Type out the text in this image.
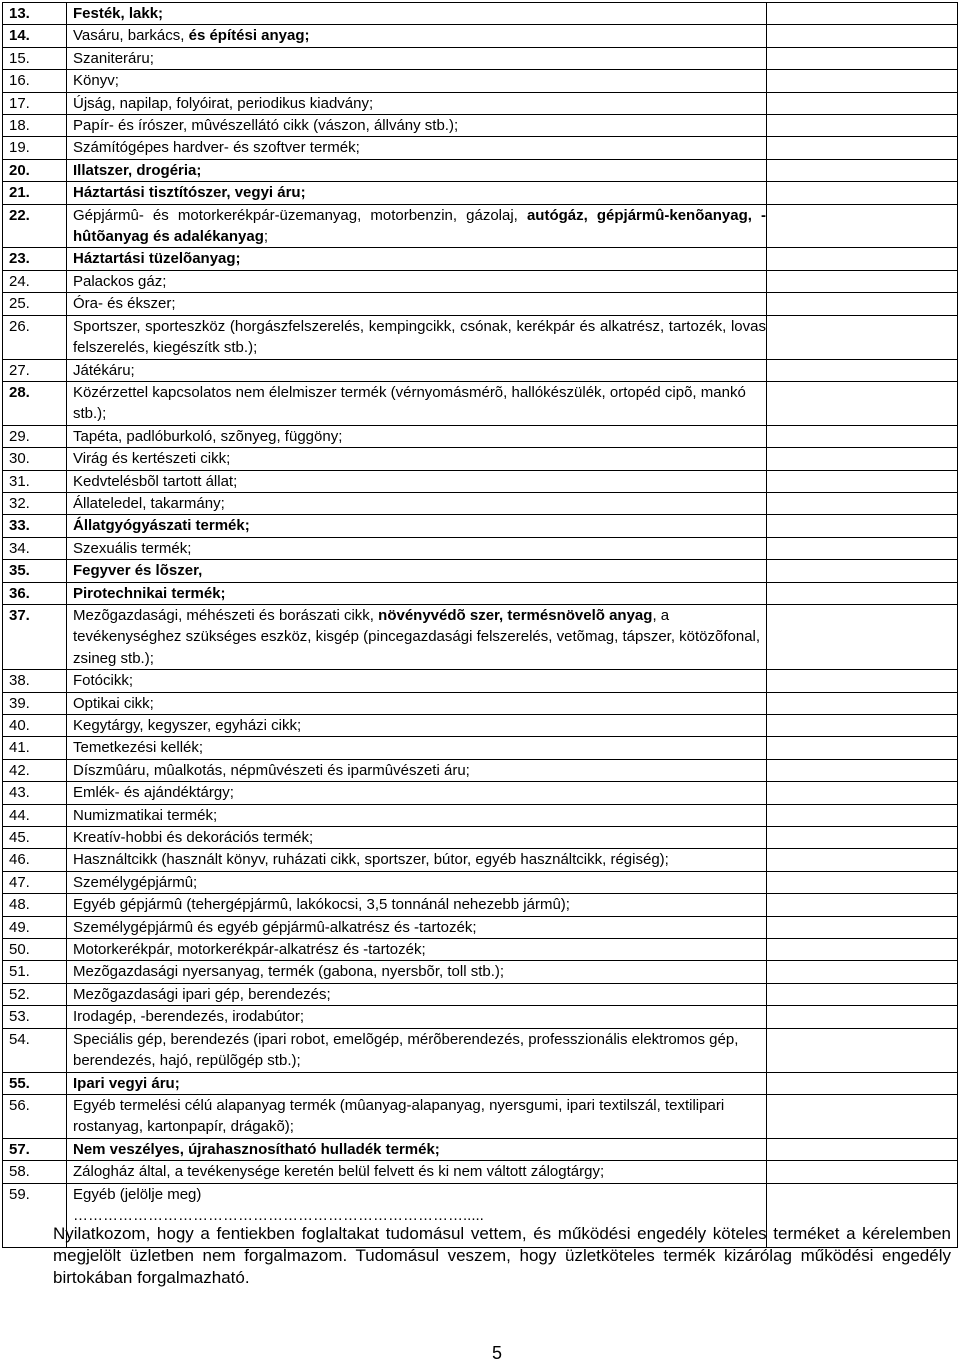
13.	Festék, lakk;	
14.	Vasáru, barkács, és építési anyag;	
15.	Szaniteráru;	
16.	Könyv;	
17.	Újság, napilap, folyóirat, periodikus kiadvány;	
18.	Papír- és írószer, mûvészellátó cikk (vászon, állvány stb.);	
19.	Számítógépes hardver- és szoftver termék;	
20.	Illatszer, drogéria;	
21.	Háztartási tisztítószer, vegyi áru;	
22.	Gépjármû- és motorkerékpár-üzemanyag, motorbenzin, gázolaj, autógáz, gépjármû-kenõanyag, -hûtõanyag és adalékanyag;	
23.	Háztartási tüzelõanyag;	
24.	Palackos gáz;	
25.	Óra- és ékszer;	
26.	Sportszer, sporteszköz (horgászfelszerelés, kempingcikk, csónak, kerékpár és alkatrész, tartozék, lovas felszerelés, kiegészítk stb.);	
27.	Játékáru;	
28.	Közérzettel kapcsolatos nem élelmiszer termék (vérnyomásmérõ, hallókészülék, ortopéd cipõ, mankó stb.);	
29.	Tapéta, padlóburkoló, szõnyeg, függöny;	
30.	Virág és kertészeti cikk;	
31.	Kedvtelésbõl tartott állat;	
32.	Állateledel, takarmány;	
33.	Állatgyógyászati termék;	
34.	Szexuális termék;	
35.	Fegyver és lõszer,	
36.	Pirotechnikai termék;	
37.	Mezõgazdasági, méhészeti és borászati cikk, növényvédõ szer, termésnövelõ anyag, a tevékenységhez szükséges eszköz, kisgép (pincegazdasági felszerelés, vetõmag, tápszer, kötözõfonal, zsineg stb.);	
38.	Fotócikk;	
39.	Optikai cikk;	
40.	Kegytárgy, kegyszer, egyházi cikk;	
41.	Temetkezési kellék;	
42.	Díszmûáru, mûalkotás, népmûvészeti és iparmûvészeti áru;	
43.	Emlék- és ajándéktárgy;	
44.	Numizmatikai termék;	
45.	Kreatív-hobbi és dekorációs termék;	
46.	Használtcikk (használt könyv, ruházati cikk, sportszer, bútor, egyéb használtcikk, régiség);	
47.	Személygépjármû;	
48.	Egyéb gépjármû (tehergépjármû, lakókocsi, 3,5 tonnánál nehezebb jármû);	
49.	Személygépjármû és egyéb gépjármû-alkatrész és -tartozék;	
50.	Motorkerékpár, motorkerékpár-alkatrész és -tartozék;	
51.	Mezõgazdasági nyersanyag, termék (gabona, nyersbõr, toll stb.);	
52.	Mezõgazdasági ipari gép, berendezés;	
53.	Irodagép, -berendezés, irodabútor;	
54.	Speciális gép, berendezés (ipari robot, emelõgép, mérõberendezés, professzionális elektromos gép, berendezés, hajó, repülõgép stb.);	
55.	Ipari vegyi áru;	
56.	Egyéb termelési célú alapanyag termék (mûanyag-alapanyag, nyersgumi, ipari textilszál, textilipari rostanyag, kartonpapír, drágakõ);	
57.	Nem veszélyes, újrahasznosítható hulladék termék;	
58.	Zálogház által, a tevékenysége keretén belül felvett és ki nem váltott zálogtárgy;	
59.	Egyéb (jelölje meg)
…………………………………………………………………….....	

Nyilatkozom, hogy a fentiekben foglaltakat tudomásul vettem, és működési engedély köteles terméket a kérelemben megjelölt üzletben nem forgalmazom. Tudomásul veszem, hogy üzletköteles termék kizárólag működési engedély birtokában forgalmazható.
5
